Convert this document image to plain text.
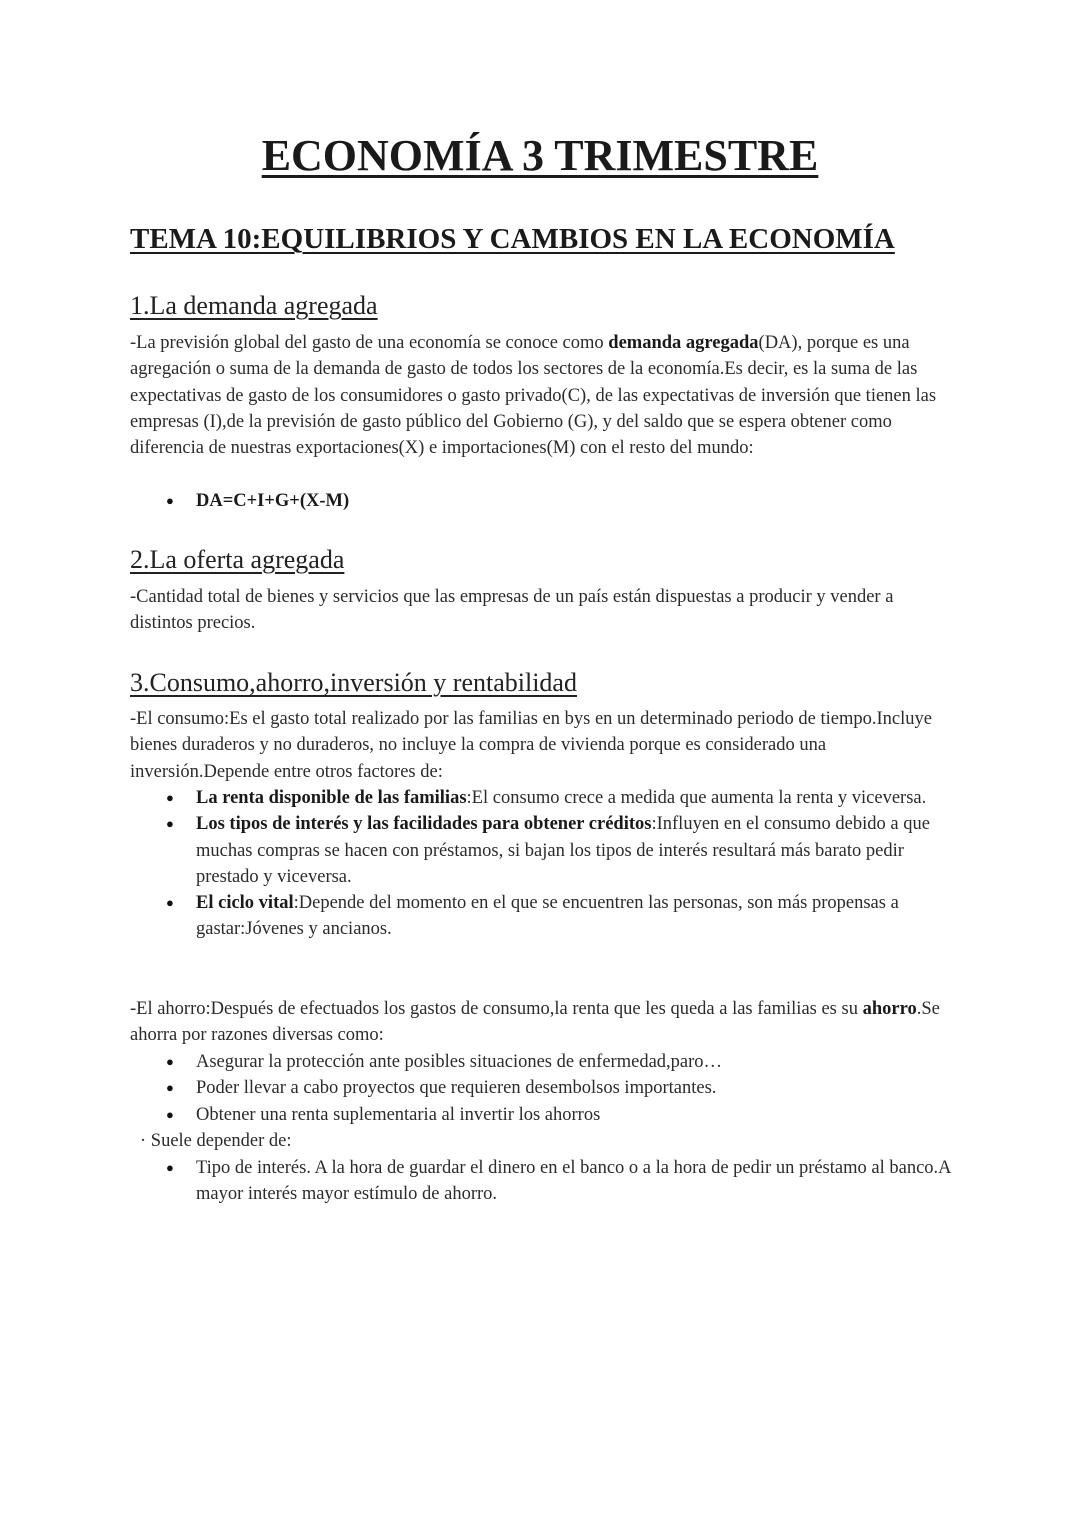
ECONOMÍA 3 TRIMESTRE
TEMA 10:EQUILIBRIOS Y CAMBIOS EN LA ECONOMÍA
1.La demanda agregada

-La previsión global del gasto de una economía se conoce como demanda agregada(DA), porque es una agregación o suma de la demanda de gasto de todos los sectores de la economía.Es decir, es la suma de las expectativas de gasto de los consumidores o gasto privado(C), de las expectativas de inversión que tienen las empresas (I),de la previsión de gasto público del Gobierno (G), y del saldo que se espera obtener como diferencia de nuestras exportaciones(X) e importaciones(M) con el resto del mundo:

● DA=C+I+G+(X-M)
2.La oferta agregada

-Cantidad total de bienes y servicios que las empresas de un país están dispuestas a producir y vender a distintos precios.

3.Consumo,ahorro,inversión y rentabilidad

-El consumo:Es el gasto total realizado por las familias en bys en un determinado periodo de tiempo.Incluye bienes duraderos y no duraderos, no incluye la compra de vivienda porque es considerado una inversión.Depende entre otros factores de:

● La renta disponible de las familias:El consumo crece a medida que aumenta la renta y viceversa.
● Los tipos de interés y las facilidades para obtener créditos:Influyen en el consumo debido a que muchas compras se hacen con préstamos, si bajan los tipos de interés resultará más barato pedir prestado y viceversa.
● El ciclo vital:Depende del momento en el que se encuentren las personas, son más propensas a gastar:Jóvenes y ancianos.

-El ahorro:Después de efectuados los gastos de consumo,la renta que les queda a las familias es su ahorro.Se ahorra por razones diversas como:

● Asegurar la protección ante posibles situaciones de enfermedad,paro…
● Poder llevar a cabo proyectos que requieren desembolsos importantes.
● Obtener una renta suplementaria al invertir los ahorros
· Suele depender de:
● Tipo de interés. A la hora de guardar el dinero en el banco o a la hora de pedir un préstamo al banco.A mayor interés mayor estímulo de ahorro.
